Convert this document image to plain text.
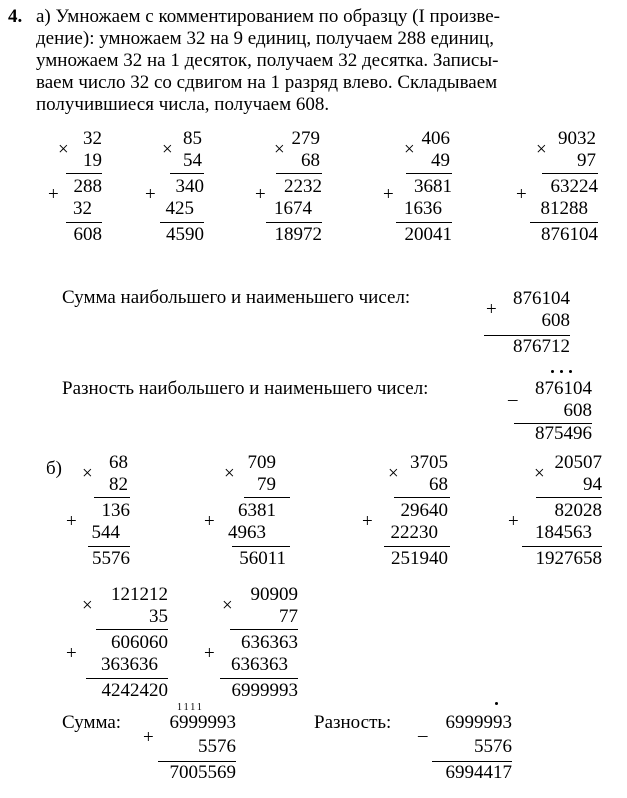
4. а) Умножаем с комментированием по образцу (I произве-
дение): умножаем 32 на 9 единиц, получаем 288 единиц,
умножаем 32 на 1 десяток, получаем 32 десятка. Записы-
ваем число 32 со сдвигом на 1 разряд влево. Складываем
получившиеся числа, получаем 608.
×
32
19
+ 288
32
608
×
85
54
+ 340
425
4590
×
279
68
+ 2232
1674
18972
×
406
49
+ 3681
1636
20041
×
9032
97
+ 63224
81288
876104
Сумма наибольшего и наименьшего чисел:
+
876104
608
876712
Разность наибольшего и наименьшего чисел:
–
876104
608
875496
б) ×
68
82
+
136
544
5576
×
709
79
+
6381
4963
56011
×
3705
68
+
29640
22230
251940
×
20507
94
+
82028
184563
1927658
×
121212
35
+
606060
363636
4242420
×
90909
77
+
636363
636363
6999993
Сумма:
1111
+
6999993
5576
7005569
Разность:
–
6999993
5576
6994417
